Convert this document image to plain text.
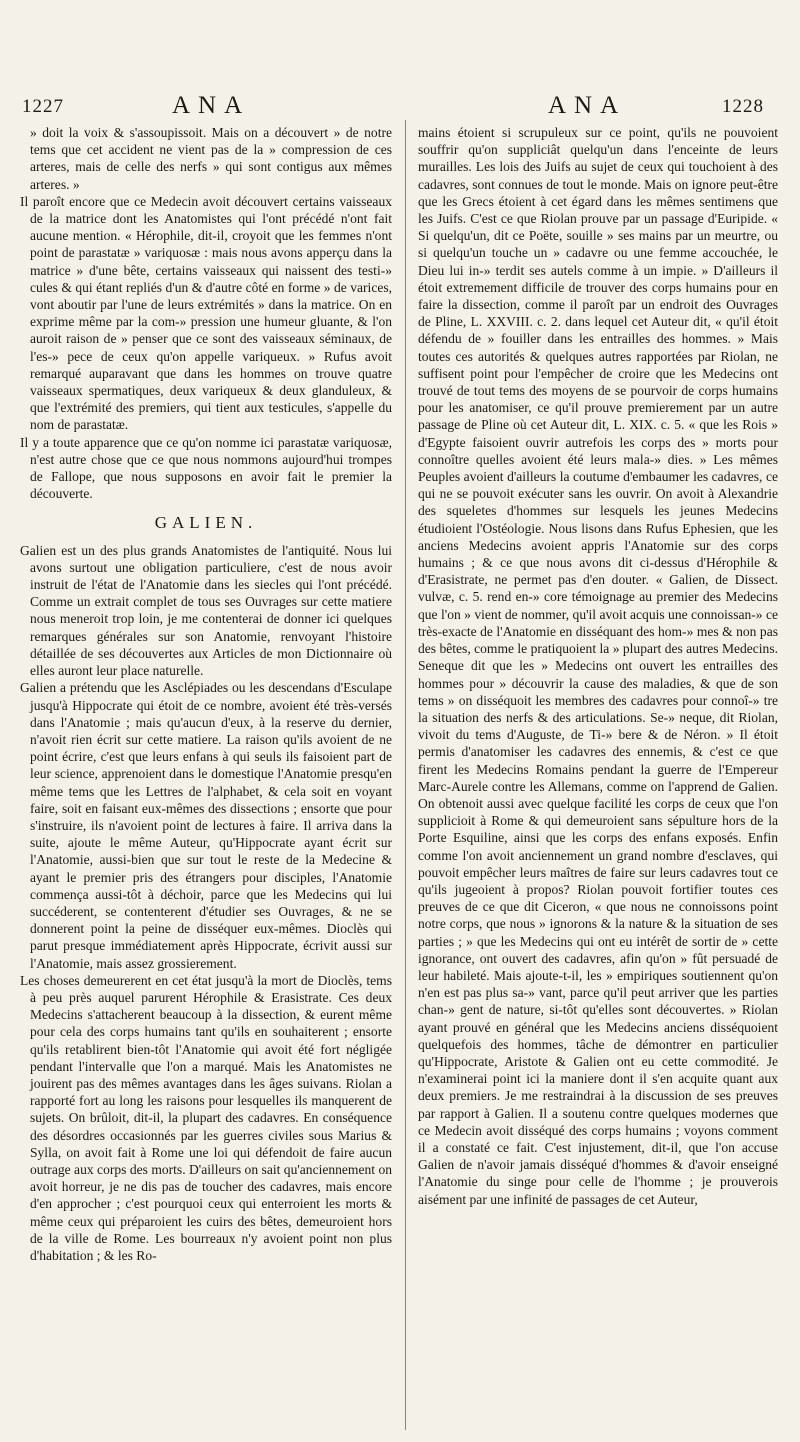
1227	ANA	ANA	1228

» doit la voix & s'assoupissoit. Mais on a découvert » de notre tems que cet accident ne vient pas de la » compression de ces arteres, mais de celle des nerfs » qui sont contigus aux mêmes arteres. »

Il paroît encore que ce Medecin avoit découvert certains vaisseaux de la matrice dont les Anatomistes qui l'ont précédé n'ont fait aucune mention. « Hérophile, dit-il, croyoit que les femmes n'ont point de parastatæ » variquosæ : mais nous avons apperçu dans la matrice » d'une bête, certains vaisseaux qui naissent des testi-» cules & qui étant repliés d'un & d'autre côté en forme » de varices, vont aboutir par l'une de leurs extrémités » dans la matrice. On en exprime même par la com-» pression une humeur gluante, & l'on auroit raison de » penser que ce sont des vaisseaux séminaux, de l'es-» pece de ceux qu'on appelle variqueux. » Rufus avoit remarqué auparavant que dans les hommes on trouve quatre vaisseaux spermatiques, deux variqueux & deux glanduleux, & que l'extrémité des premiers, qui tient aux testicules, s'appelle du nom de parastatæ.

Il y a toute apparence que ce qu'on nomme ici parastatæ variquosæ, n'est autre chose que ce que nous nommons aujourd'hui trompes de Fallope, que nous supposons en avoir fait le premier la découverte.

GALIEN.

Galien est un des plus grands Anatomistes de l'antiquité. Nous lui avons surtout une obligation particuliere, c'est de nous avoir instruit de l'état de l'Anatomie dans les siecles qui l'ont précédé. Comme un extrait complet de tous ses Ouvrages sur cette matiere nous meneroit trop loin, je me contenterai de donner ici quelques remarques générales sur son Anatomie, renvoyant l'histoire détaillée de ses découvertes aux Articles de mon Dictionnaire où elles auront leur place naturelle.

Galien a prétendu que les Asclépiades ou les descendans d'Esculape jusqu'à Hippocrate qui étoit de ce nombre, avoient été très-versés dans l'Anatomie ; mais qu'aucun d'eux, à la reserve du dernier, n'avoit rien écrit sur cette matiere. La raison qu'ils avoient de ne point écrire, c'est que leurs enfans à qui seuls ils faisoient part de leur science, apprenoient dans le domestique l'Anatomie presqu'en même tems que les Lettres de l'alphabet, & cela soit en voyant faire, soit en faisant eux-mêmes des dissections ; ensorte que pour s'instruire, ils n'avoient point de lectures à faire. Il arriva dans la suite, ajoute le même Auteur, qu'Hippocrate ayant écrit sur l'Anatomie, aussi-bien que sur tout le reste de la Medecine & ayant le premier pris des étrangers pour disciples, l'Anatomie commença aussi-tôt à déchoir, parce que les Medecins qui lui succéderent, se contenterent d'étudier ses Ouvrages, & ne se donnerent point la peine de disséquer eux-mêmes. Dioclès qui parut presque immédiatement après Hippocrate, écrivit aussi sur l'Anatomie, mais assez grossierement.

Les choses demeurerent en cet état jusqu'à la mort de Dioclès, tems à peu près auquel parurent Hérophile & Erasistrate. Ces deux Medecins s'attacherent beaucoup à la dissection, & eurent même pour cela des corps humains tant qu'ils en souhaiterent ; ensorte qu'ils retablirent bien-tôt l'Anatomie qui avoit été fort négligée pendant l'intervalle que l'on a marqué. Mais les Anatomistes ne jouirent pas des mêmes avantages dans les âges suivans. Riolan a rapporté fort au long les raisons pour lesquelles ils manquerent de sujets. On brûloit, dit-il, la plupart des cadavres. En conséquence des désordres occasionnés par les guerres civiles sous Marius & Sylla, on avoit fait à Rome une loi qui défendoit de faire aucun outrage aux corps des morts. D'ailleurs on sait qu'anciennement on avoit horreur, je ne dis pas de toucher des cadavres, mais encore d'en approcher ; c'est pourquoi ceux qui enterroient les morts & même ceux qui préparoient les cuirs des bêtes, demeuroient hors de la ville de Rome. Les bourreaux n'y avoient point non plus d'habitation ; & les Ro-

mains étoient si scrupuleux sur ce point, qu'ils ne pouvoient souffrir qu'on suppliciât quelqu'un dans l'enceinte de leurs murailles. Les lois des Juifs au sujet de ceux qui touchoient à des cadavres, sont connues de tout le monde. Mais on ignore peut-être que les Grecs étoient à cet égard dans les mêmes sentimens que les Juifs. C'est ce que Riolan prouve par un passage d'Euripide. « Si quelqu'un, dit ce Poëte, souille » ses mains par un meurtre, ou si quelqu'un touche un » cadavre ou une femme accouchée, le Dieu lui in-» terdit ses autels comme à un impie. » D'ailleurs il étoit extremement difficile de trouver des corps humains pour en faire la dissection, comme il paroît par un endroit des Ouvrages de Pline, L. XXVIII. c. 2. dans lequel cet Auteur dit, « qu'il étoit défendu de » fouiller dans les entrailles des hommes. » Mais toutes ces autorités & quelques autres rapportées par Riolan, ne suffisent point pour l'empêcher de croire que les Medecins ont trouvé de tout tems des moyens de se pourvoir de corps humains pour les anatomiser, ce qu'il prouve premierement par un autre passage de Pline où cet Auteur dit, L. XIX. c. 5. « que les Rois » d'Egypte faisoient ouvrir autrefois les corps des » morts pour connoître quelles avoient été leurs mala-» dies. » Les mêmes Peuples avoient d'ailleurs la coutume d'embaumer les cadavres, ce qui ne se pouvoit exécuter sans les ouvrir. On avoit à Alexandrie des squeletes d'hommes sur lesquels les jeunes Medecins étudioient l'Ostéologie. Nous lisons dans Rufus Ephesien, que les anciens Medecins avoient appris l'Anatomie sur des corps humains ; & ce que nous avons dit ci-dessus d'Hérophile & d'Erasistrate, ne permet pas d'en douter. « Galien, de Dissect. vulvæ, c. 5. rend en-» core témoignage au premier des Medecins que l'on » vient de nommer, qu'il avoit acquis une connoissan-» ce très-exacte de l'Anatomie en disséquant des hom-» mes & non pas des bêtes, comme le pratiquoient la » plupart des autres Medecins. Seneque dit que les » Medecins ont ouvert les entrailles des hommes pour » découvrir la cause des maladies, & que de son tems » on disséquoit les membres des cadavres pour connoî-» tre la situation des nerfs & des articulations. Se-» neque, dit Riolan, vivoit du tems d'Auguste, de Ti-» bere & de Néron. » Il étoit permis d'anatomiser les cadavres des ennemis, & c'est ce que firent les Medecins Romains pendant la guerre de l'Empereur Marc-Aurele contre les Allemans, comme on l'apprend de Galien. On obtenoit aussi avec quelque facilité les corps de ceux que l'on supplicioit à Rome & qui demeuroient sans sépulture hors de la Porte Esquiline, ainsi que les corps des enfans exposés. Enfin comme l'on avoit anciennement un grand nombre d'esclaves, qui pouvoit empêcher leurs maîtres de faire sur leurs cadavres tout ce qu'ils jugeoient à propos? Riolan pouvoit fortifier toutes ces preuves de ce que dit Ciceron, « que nous ne connoissons point notre corps, que nous » ignorons & la nature & la situation de ses parties ; » que les Medecins qui ont eu intérêt de sortir de » cette ignorance, ont ouvert des cadavres, afin qu'on » fût persuadé de leur habileté. Mais ajoute-t-il, les » empiriques soutiennent qu'on n'en est pas plus sa-» vant, parce qu'il peut arriver que les parties chan-» gent de nature, si-tôt qu'elles sont découvertes. » Riolan ayant prouvé en général que les Medecins anciens disséquoient quelquefois des hommes, tâche de démontrer en particulier qu'Hippocrate, Aristote & Galien ont eu cette commodité. Je n'examinerai point ici la maniere dont il s'en acquite quant aux deux premiers. Je me restraindrai à la discussion de ses preuves par rapport à Galien. Il a soutenu contre quelques modernes que ce Medecin avoit disséqué des corps humains ; voyons comment il a constaté ce fait. C'est injustement, dit-il, que l'on accuse Galien de n'avoir jamais disséqué d'hommes & d'avoir enseigné l'Anatomie du singe pour celle de l'homme ; je prouverois aisément par une infinité de passages de cet Auteur,
